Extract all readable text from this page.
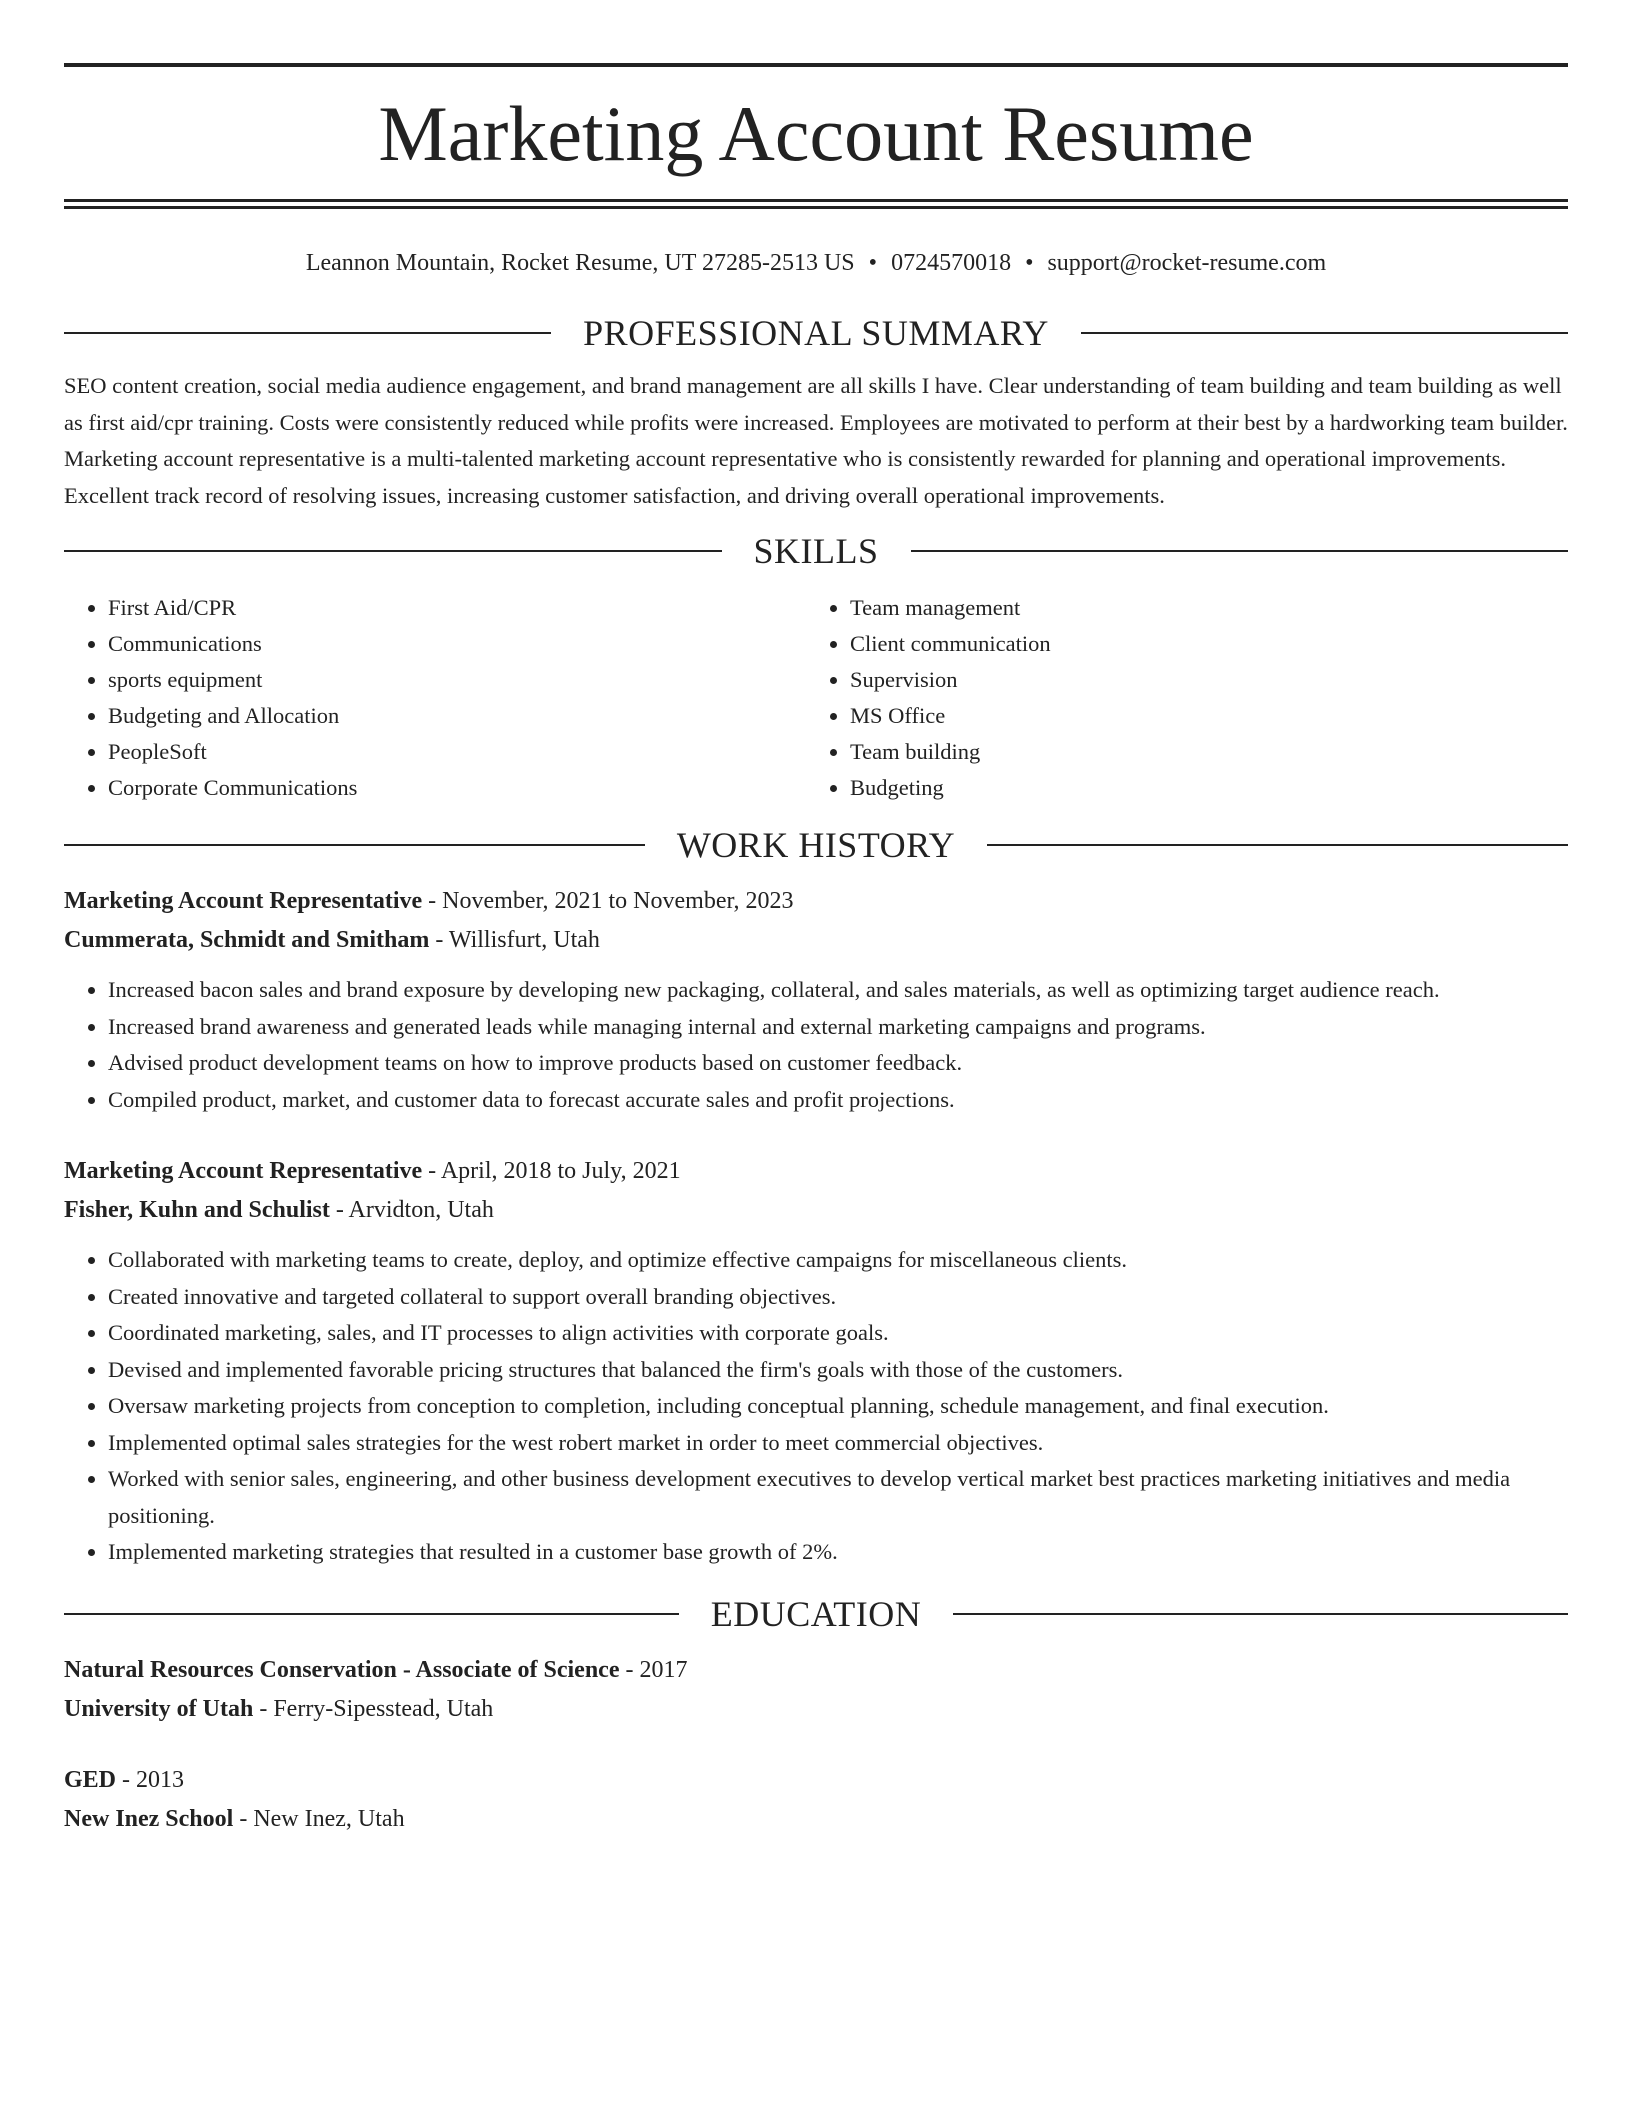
Marketing Account Resume
Leannon Mountain, Rocket Resume, UT 27285-2513 US • 0724570018 • support@rocket-resume.com
PROFESSIONAL SUMMARY

SEO content creation, social media audience engagement, and brand management are all skills I have. Clear understanding of team building and team building as well as first aid/cpr training. Costs were consistently reduced while profits were increased. Employees are motivated to perform at their best by a hardworking team builder. Marketing account representative is a multi-talented marketing account representative who is consistently rewarded for planning and operational improvements. Excellent track record of resolving issues, increasing customer satisfaction, and driving overall operational improvements.

SKILLS
• First Aid/CPR
• Communications
• sports equipment
• Budgeting and Allocation
• PeopleSoft
• Corporate Communications
• Team management
• Client communication
• Supervision
• MS Office
• Team building
• Budgeting
WORK HISTORY
Marketing Account Representative - November, 2021 to November, 2023
Cummerata, Schmidt and Smitham - Willisfurt, Utah
• Increased bacon sales and brand exposure by developing new packaging, collateral, and sales materials, as well as optimizing target audience reach.
• Increased brand awareness and generated leads while managing internal and external marketing campaigns and programs.
• Advised product development teams on how to improve products based on customer feedback.
• Compiled product, market, and customer data to forecast accurate sales and profit projections.
Marketing Account Representative - April, 2018 to July, 2021
Fisher, Kuhn and Schulist - Arvidton, Utah
• Collaborated with marketing teams to create, deploy, and optimize effective campaigns for miscellaneous clients.
• Created innovative and targeted collateral to support overall branding objectives.
• Coordinated marketing, sales, and IT processes to align activities with corporate goals.
• Devised and implemented favorable pricing structures that balanced the firm's goals with those of the customers.
• Oversaw marketing projects from conception to completion, including conceptual planning, schedule management, and final execution.
• Implemented optimal sales strategies for the west robert market in order to meet commercial objectives.
• Worked with senior sales, engineering, and other business development executives to develop vertical market best practices marketing initiatives and media positioning.
• Implemented marketing strategies that resulted in a customer base growth of 2%.
EDUCATION
Natural Resources Conservation - Associate of Science - 2017
University of Utah - Ferry-Sipesstead, Utah
GED - 2013
New Inez School - New Inez, Utah
